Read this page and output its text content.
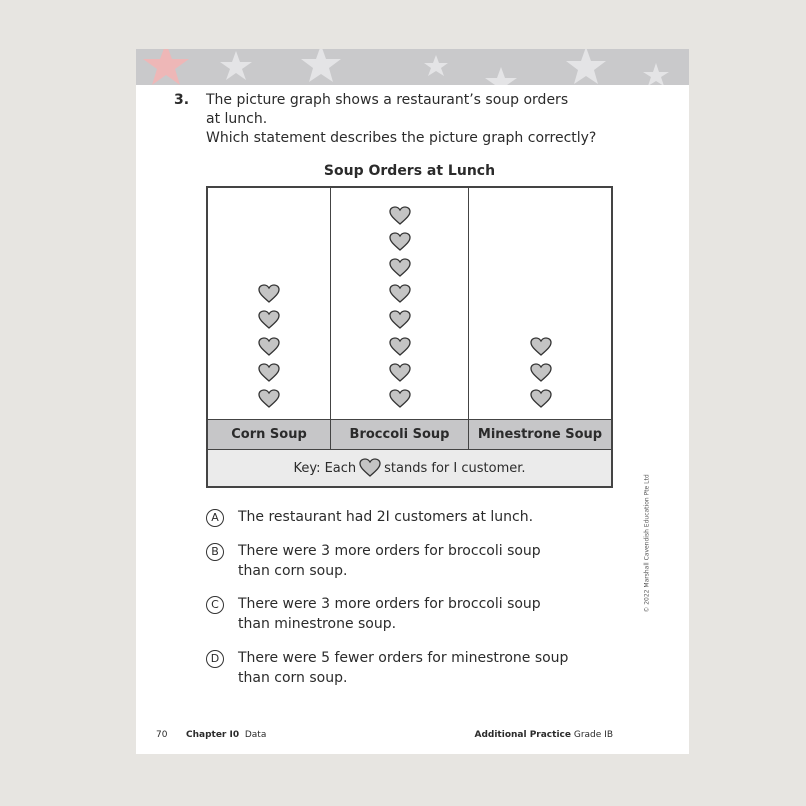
3. The picture graph shows a restaurant’s soup orders
at lunch.
Which statement describes the picture graph correctly?
Soup Orders at Lunch
Corn Soup	Broccoli Soup	Minestrone Soup
Key: Each stands for I customer.
A	The restaurant had 2I customers at lunch.
B	There were 3 more orders for broccoli soup
than corn soup.
C	There were 3 more orders for broccoli soup
than minestrone soup.
D	There were 5 fewer orders for minestrone soup
than corn soup.
70 Chapter I0 Data	Additional Practice Grade IB
© 2022 Marshall Cavendish Education Pte Ltd
